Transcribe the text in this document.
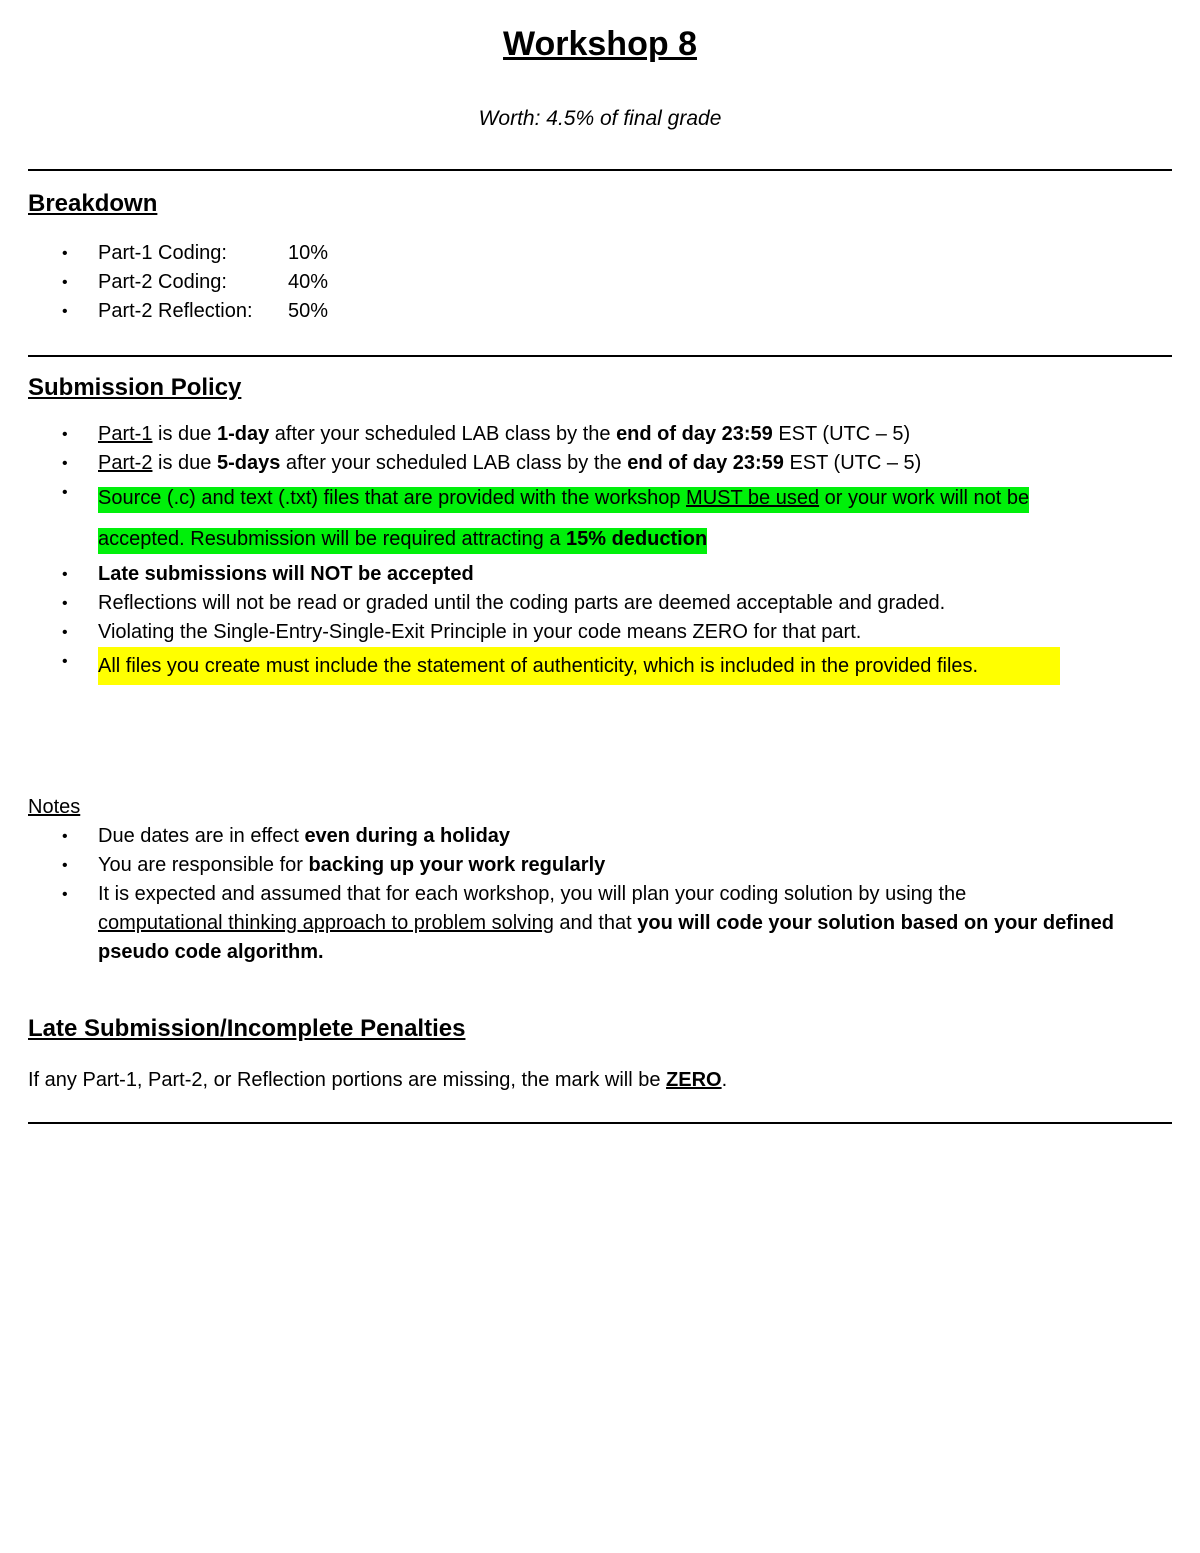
Workshop 8
Worth: 4.5% of final grade
Breakdown
• Part-1 Coding:	10%
• Part-2 Coding:	40%
• Part-2 Reflection: 50%
Submission Policy
• Part-1 is due 1-day after your scheduled LAB class by the end of day 23:59 EST (UTC – 5)
• Part-2 is due 5-days after your scheduled LAB class by the end of day 23:59 EST (UTC – 5)
• Source (.c) and text (.txt) files that are provided with the workshop MUST be used or your work will not be
accepted. Resubmission will be required attracting a 15% deduction
• Late submissions will NOT be accepted
• Reflections will not be read or graded until the coding parts are deemed acceptable and graded.
• Violating the Single-Entry-Single-Exit Principle in your code means ZERO for that part.
• All files you create must include the statement of authenticity, which is included in the provided files.
Notes
• Due dates are in effect even during a holiday
• You are responsible for backing up your work regularly
• It is expected and assumed that for each workshop, you will plan your coding solution by using the
computational thinking approach to problem solving and that you will code your solution based on your defined pseudo code algorithm.
Late Submission/Incomplete Penalties
If any Part-1, Part-2, or Reflection portions are missing, the mark will be ZERO.
